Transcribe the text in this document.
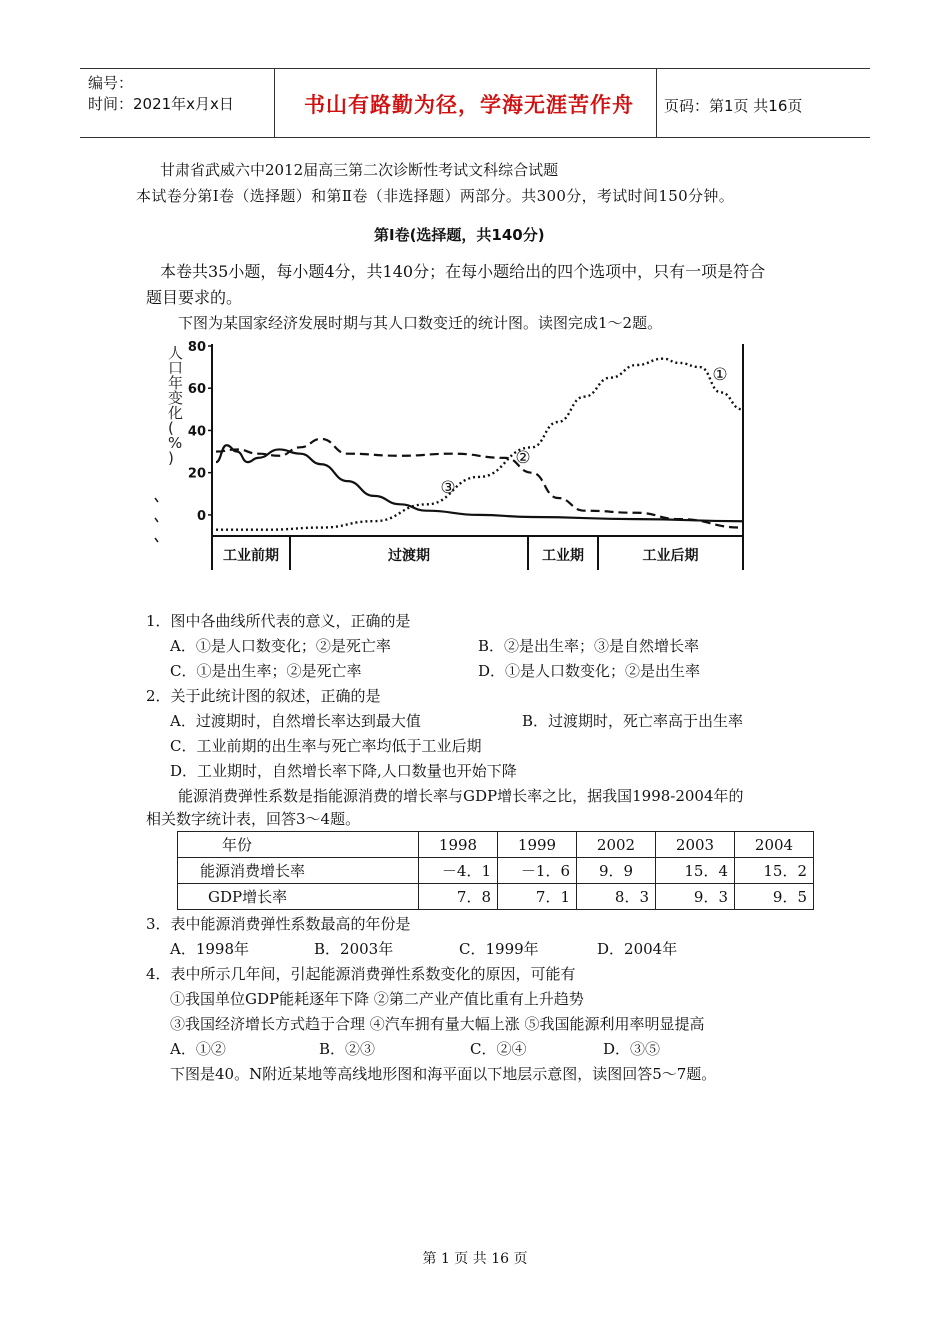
编号：
时间：2021年x月x日	书山有路勤为径，学海无涯苦作舟	页码：第1页 共16页
甘肃省武威六中2012届高三第二次诊断性考试文科综合试题
本试卷分第Ⅰ卷（选择题）和第Ⅱ卷（非选择题）两部分。共300分，考试时间150分钟。
第Ⅰ卷(选择题，共140分)
本卷共35小题，每小题4分，共140分；在每小题给出的四个选项中，只有一项是符合
题目要求的。
下图为某国家经济发展时期与其人口数变迁的统计图。读图完成1～2题。
人口年变化( % )
80
60
40
20
0
工业前期	过渡期	工业期	工业后期
①
②
③
1．图中各曲线所代表的意义，正确的是
A．①是人口数变化；②是死亡率	B．②是出生率；③是自然增长率
C．①是出生率；②是死亡率	D．①是人口数变化；②是出生率
2．关于此统计图的叙述，正确的是
A．过渡期时，自然增长率达到最大值	B．过渡期时，死亡率高于出生率
C．工业前期的出生率与死亡率均低于工业后期
D．工业期时，自然增长率下降,人口数量也开始下降
能源消费弹性系数是指能源消费的增长率与GDP增长率之比，据我国1998-2004年的
相关数字统计表，回答3～4题。
年份	1998	1999	2002	2003	2004
能源消费增长率	－4．1	－1．6	9．9	15．4	15．2
GDP增长率	7．8	7．1	8．3	9．3	9．5
3．表中能源消费弹性系数最高的年份是
A．1998年	B．2003年	C．1999年	D．2004年
4．表中所示几年间，引起能源消费弹性系数变化的原因，可能有
①我国单位GDP能耗逐年下降 ②第二产业产值比重有上升趋势
③我国经济增长方式趋于合理 ④汽车拥有量大幅上涨 ⑤我国能源利用率明显提高
A．①②	B．②③	C．②④	D．③⑤
下图是40。N附近某地等高线地形图和海平面以下地层示意图，读图回答5～7题。
第 1 页 共 16 页
